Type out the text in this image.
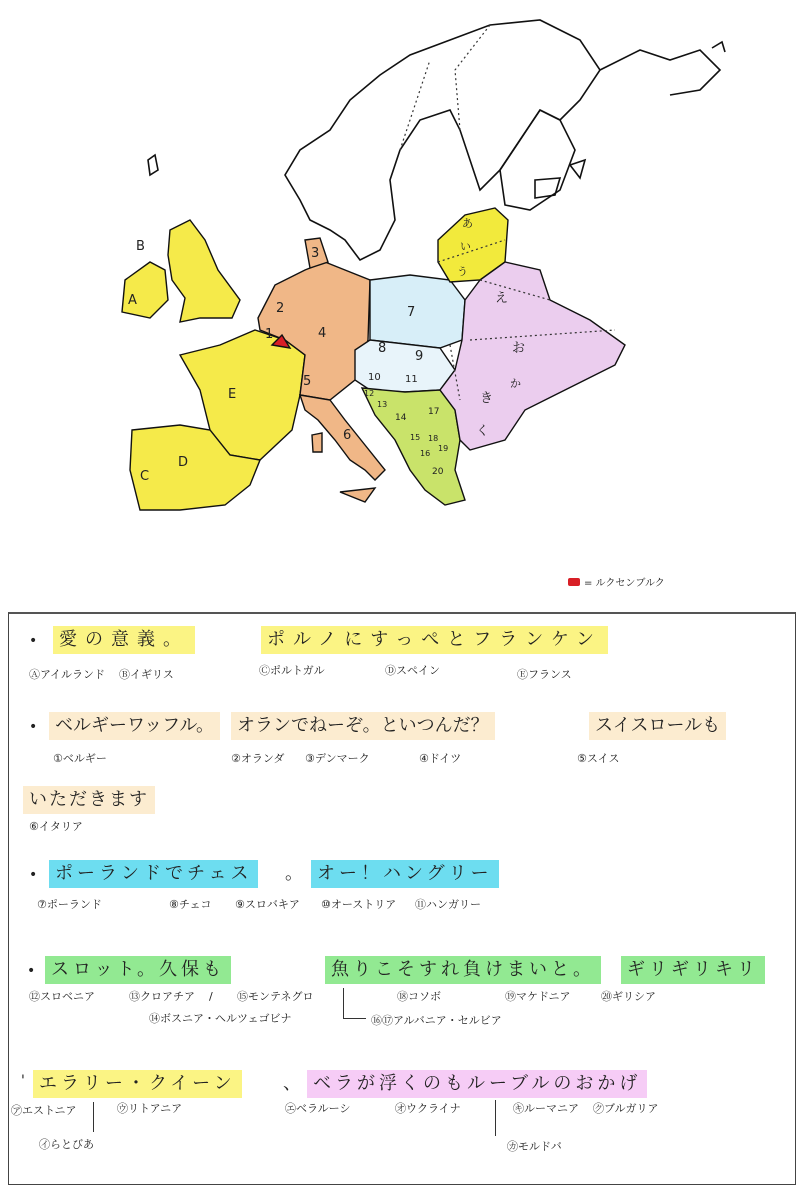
A
B
C
D
E
1
2
3
4
5
6
7
8
9
10 11
12
13
14
15
16
17
18
19
20
あ
い
う
え
お
か
き
く
= ルクセンブルク
•	愛の意義。	ポルノにすっぺとフランケン
Ⓐアイルランド Ⓑイギリス	Ⓒポルトガル	Ⓓスペイン	Ⓔフランス
• ベルギーワッフル。	オランでねーぞ。といつんだ？	スイスロールも
いただきます
①ベルギー	②オランダ ③デンマーク	④ドイツ	⑤スイス
⑥イタリア
• ポーランドでチェス	。 オー！ハングリー
⑦ポーランド	⑧チェコ ⑨スロバキア ⑩オーストリア ⑪ハンガリー
• スロット。久保も	魚りこそすれ負けまいと。	ギリギリキリ
⑫スロベニア	⑬クロアチア / ⑮モンテネグロ
⑭ボスニア・ヘルツェゴビナ	⑯⑰アルバニア・セルビア
⑱コソボ	⑲マケドニア	⑳ギリシア
' エラリー・クイーン	、 ベラが浮くのもルーブルのおかげ
㋐エストニア	㋒リトアニア
㋑らとびあ
㋓ベラルーシ	㋔ウクライナ	㋖ルーマニア ㋗ブルガリア
㋕モルドバ
